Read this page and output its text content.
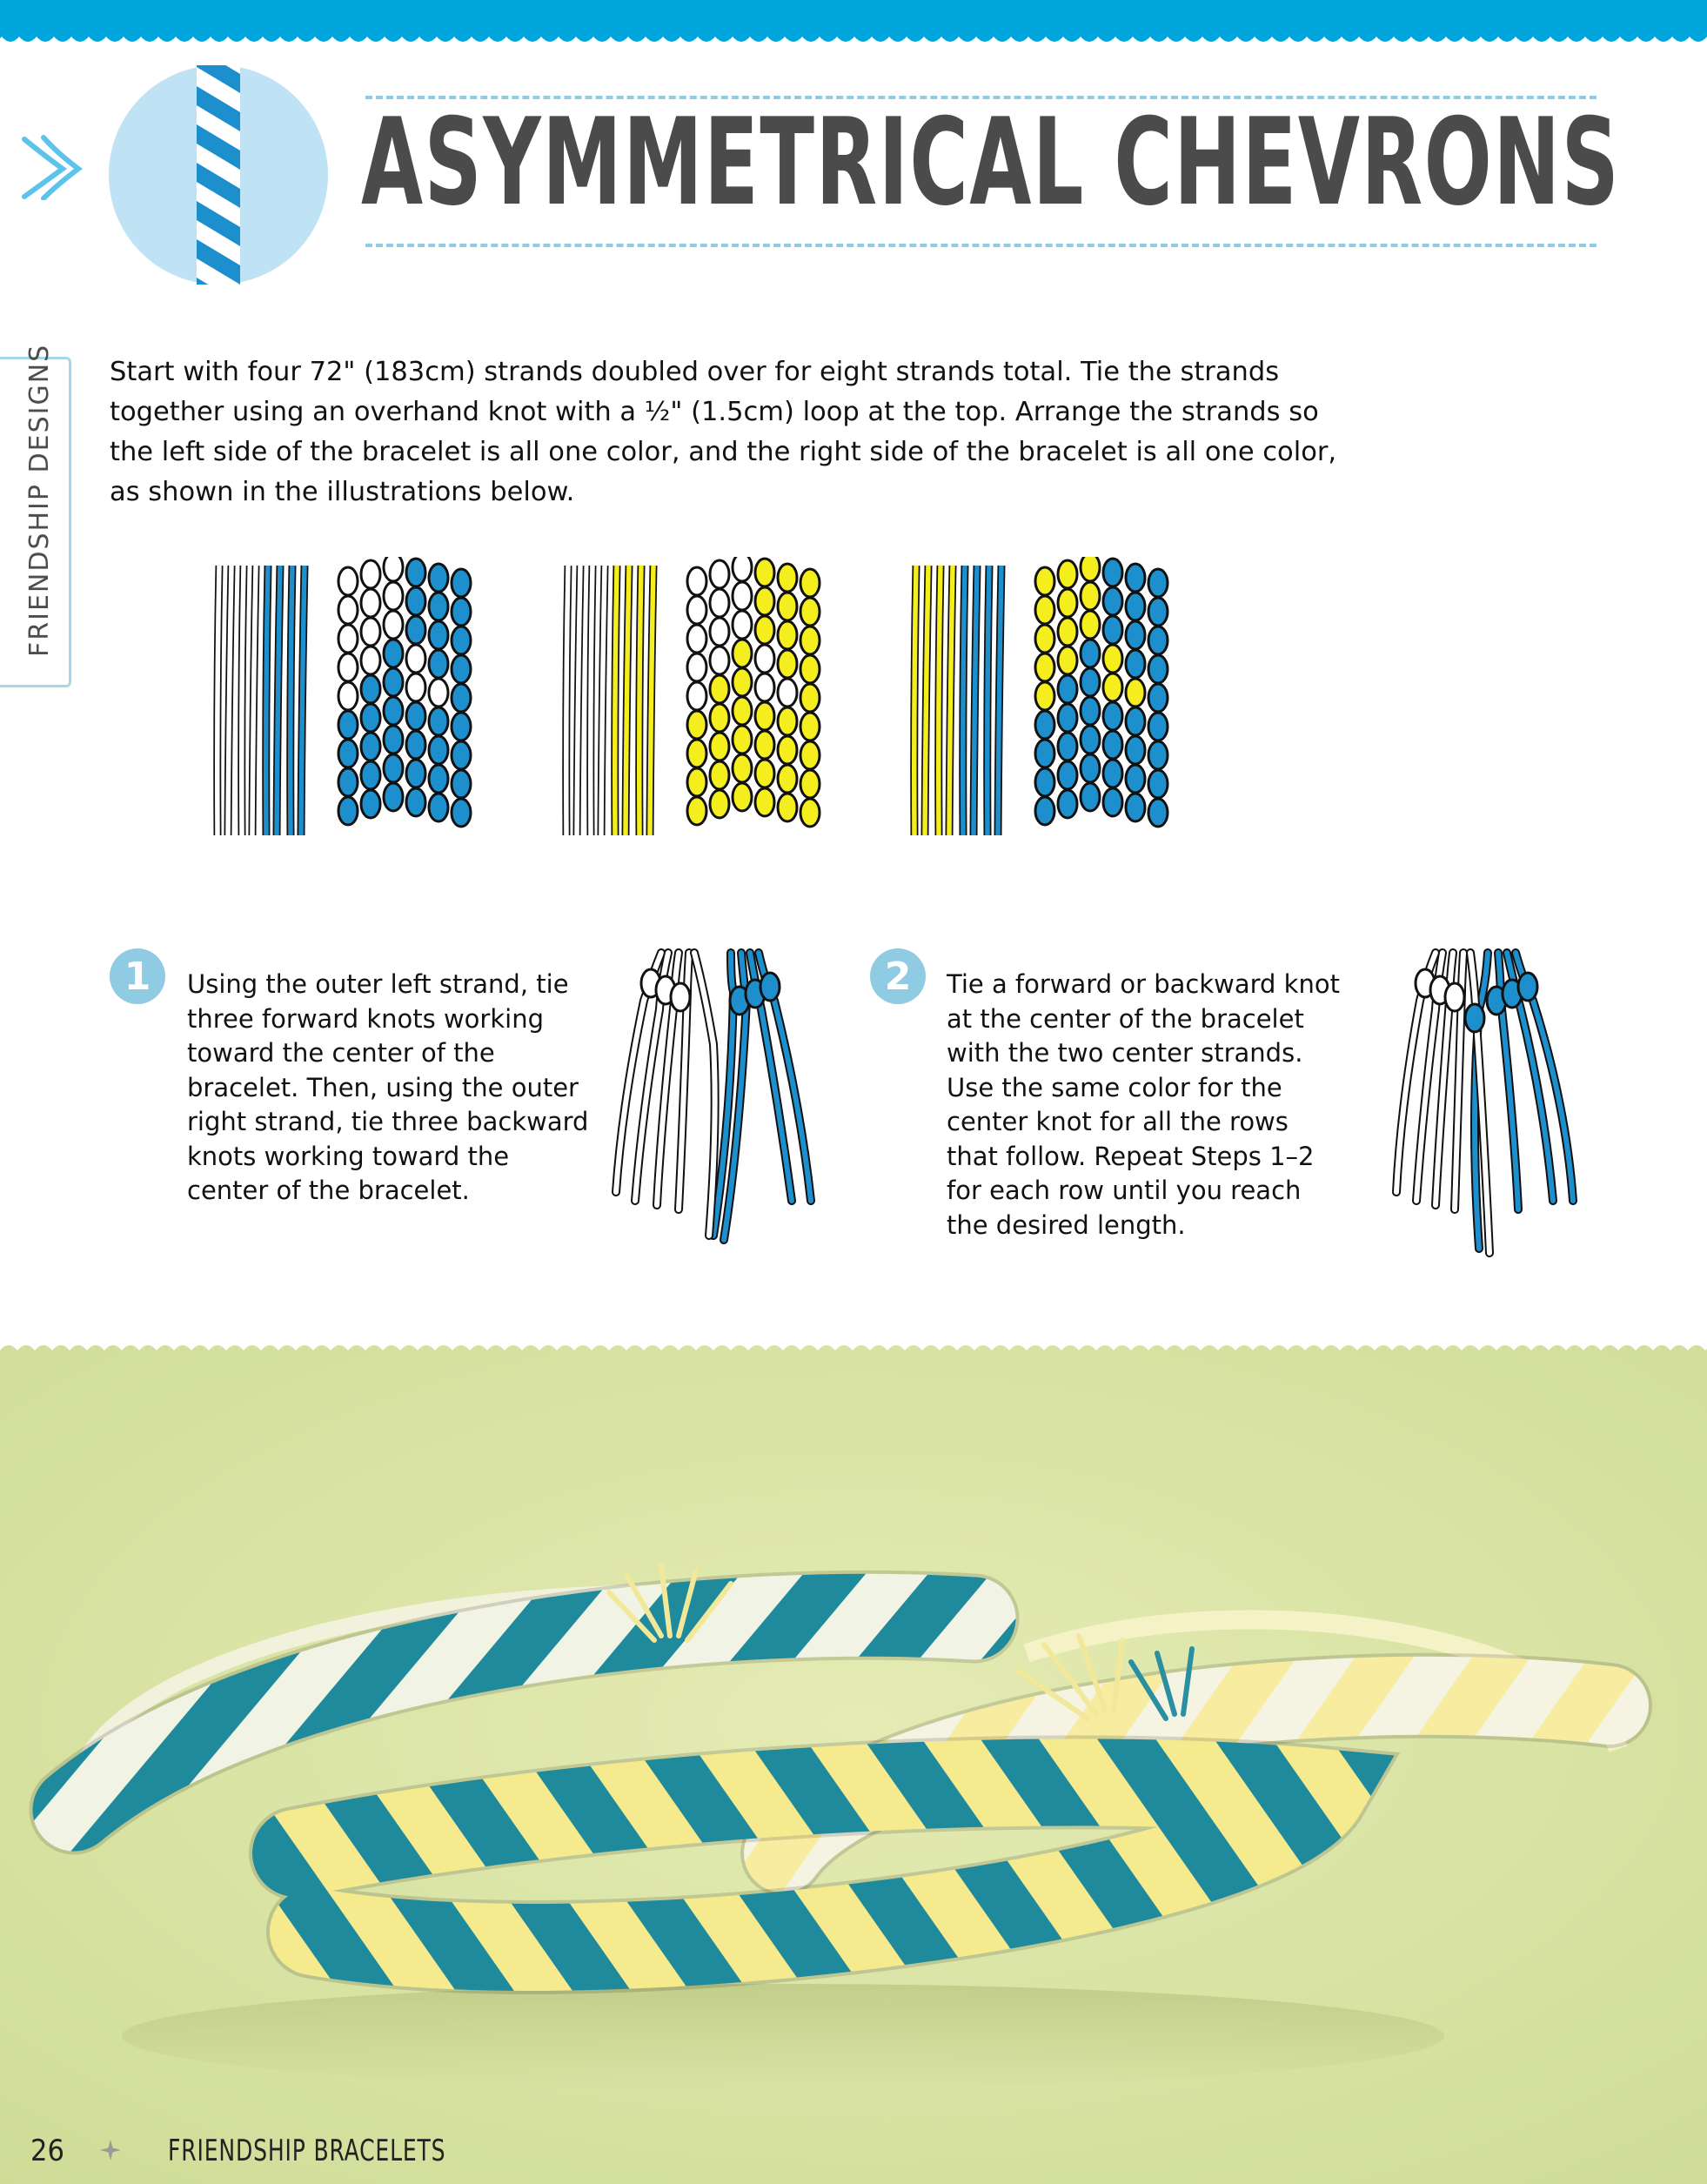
ASYMMETRICAL CHEVRONS
FRIENDSHIP DESIGNS Start with four 72" (183cm) strands doubled over for eight strands total. Tie the strands together using an overhand knot with a ½" (1.5cm) loop at the top. Arrange the strands so the left side of the bracelet is all one color, and the right side of the bracelet is all one color, as shown in the illustrations below.
1	Using the outer left strand, tie three forward knots working toward the center of the bracelet. Then, using the outer right strand, tie three backward knots working toward the center of the bracelet.
2	Tie a forward or backward knot at the center of the bracelet with the two center strands. Use the same color for the center knot for all the rows that follow. Repeat Steps 1–2 for each row until you reach the desired length.
26	FRIENDSHIP BRACELETS
